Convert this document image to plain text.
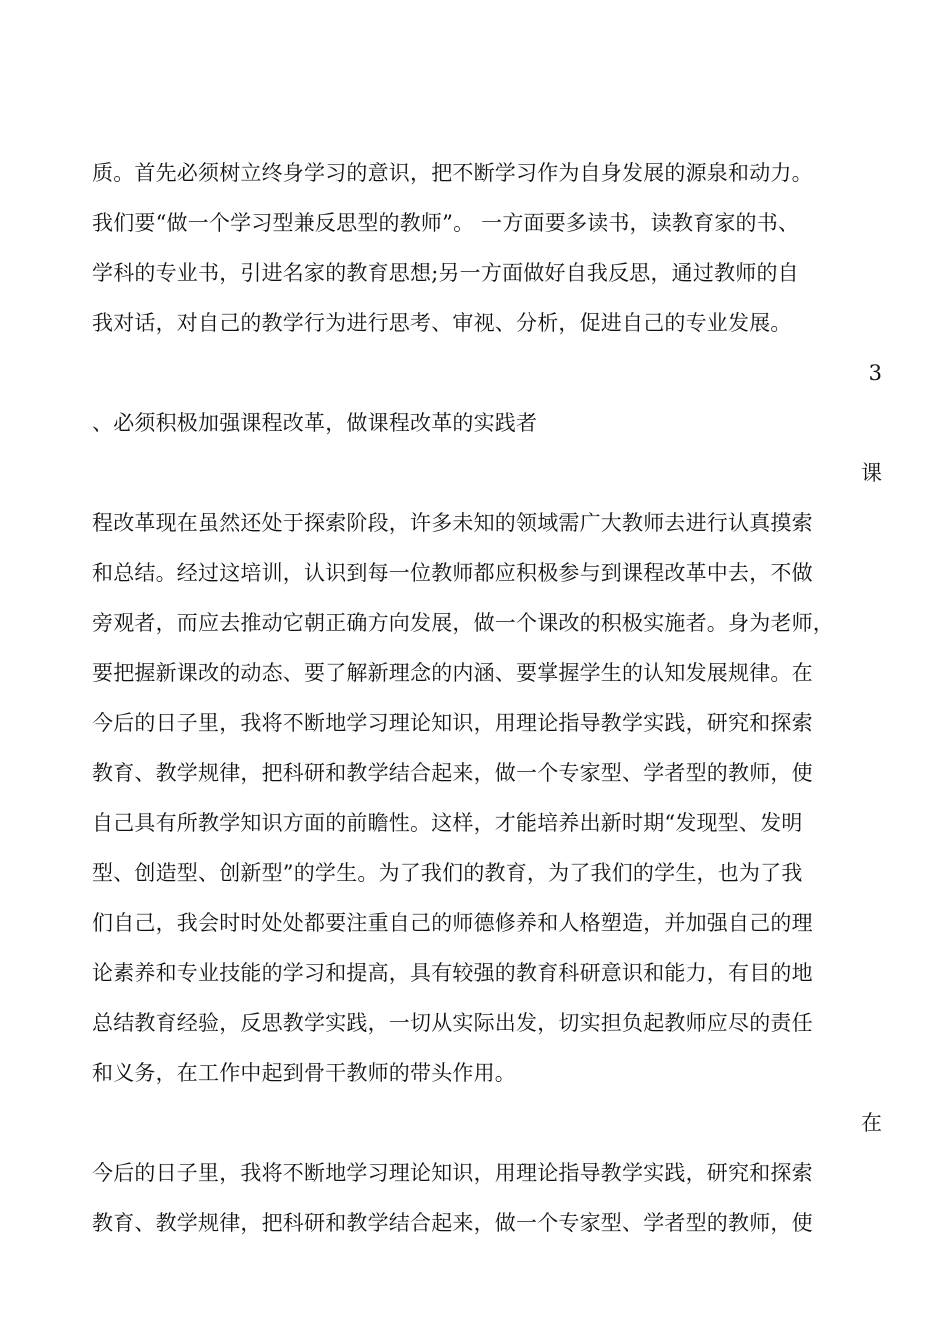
质。首先必须树立终身学习的意识，把不断学习作为自身发展的源泉和动力。
我们要“做一个学习型兼反思型的教师”。 一方面要多读书，读教育家的书、
学科的专业书，引进名家的教育思想;另一方面做好自我反思，通过教师的自
我对话，对自己的教学行为进行思考、审视、分析，促进自己的专业发展。
3
、必须积极加强课程改革，做课程改革的实践者
课
程改革现在虽然还处于探索阶段，许多未知的领域需广大教师去进行认真摸索
和总结。经过这培训，认识到每一位教师都应积极参与到课程改革中去，不做
旁观者，而应去推动它朝正确方向发展，做一个课改的积极实施者。身为老师，
要把握新课改的动态、要了解新理念的内涵、要掌握学生的认知发展规律。在
今后的日子里，我将不断地学习理论知识，用理论指导教学实践，研究和探索
教育、教学规律，把科研和教学结合起来，做一个专家型、学者型的教师，使
自己具有所教学知识方面的前瞻性。这样，才能培养出新时期“发现型、发明
型、创造型、创新型”的学生。为了我们的教育，为了我们的学生，也为了我
们自己，我会时时处处都要注重自己的师德修养和人格塑造，并加强自己的理
论素养和专业技能的学习和提高，具有较强的教育科研意识和能力，有目的地
总结教育经验，反思教学实践，一切从实际出发，切实担负起教师应尽的责任
和义务，在工作中起到骨干教师的带头作用。
在
今后的日子里，我将不断地学习理论知识，用理论指导教学实践，研究和探索
教育、教学规律，把科研和教学结合起来，做一个专家型、学者型的教师，使
